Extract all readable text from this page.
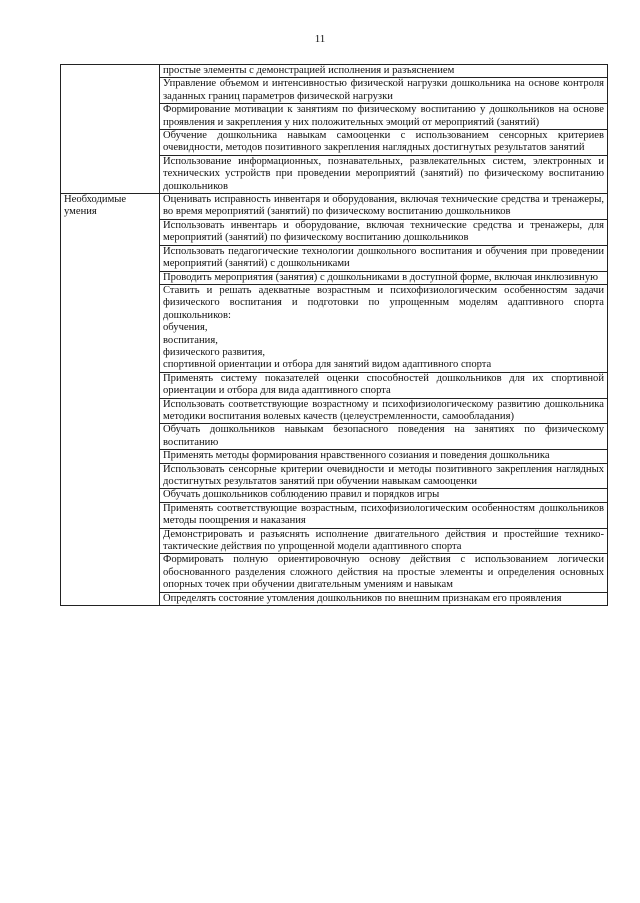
11
	простые элементы с демонстрацией исполнения и разъяснением
	Управление объемом и интенсивностью физической нагрузки дошкольника на основе контроля заданных границ параметров физической нагрузки
	Формирование мотивации к занятиям по физическому воспитанию у дошкольников на основе проявления и закрепления у них положительных эмоций от мероприятий (занятий)
	Обучение дошкольника навыкам самооценки с использованием сенсорных критериев очевидности, методов позитивного закрепления наглядных достигнутых результатов занятий
	Использование информационных, познавательных, развлекательных систем, электронных и технических устройств при проведении мероприятий (занятий) по физическому воспитанию дошкольников
Необходимые умения	Оценивать исправность инвентаря и оборудования, включая технические средства и тренажеры, во время мероприятий (занятий) по физическому воспитанию дошкольников
	Использовать инвентарь и оборудование, включая технические средства и тренажеры, для мероприятий (занятий) по физическому воспитанию дошкольников
	Использовать педагогические технологии дошкольного воспитания и обучения при проведении мероприятий (занятий) с дошкольниками
	Проводить мероприятия (занятия) с дошкольниками в доступной форме, включая инклюзивную

	Ставить и решать адекватные возрастным и психофизиологическим особенностям задачи физического воспитания и подготовки по упрощенным моделям адаптивного спорта дошкольников:
обучения,
воспитания,
физического развития,
спортивной ориентации и отбора для занятий видом адаптивного спорта

	Применять систему показателей оценки способностей дошкольников для их спортивной ориентации и отбора для вида адаптивного спорта
	Использовать соответствующие возрастному и психофизиологическому развитию дошкольника методики воспитания волевых качеств (целеустремленности, самообладания)
	Обучать дошкольников навыкам безопасного поведения на занятиях по физическому воспитанию
	Применять методы формирования нравственного созиания и поведения дошкольника
	Использовать сенсорные критерии очевидности и методы позитивного закрепления наглядных достигнутых результатов занятий при обучении навыкам самооценки
	Обучать дошкольников соблюдению правил и порядков игры
	Применять соответствующие возрастным, психофизиологическим особенностям дошкольников методы поощрения и наказания
	Демонстрировать и разъяснять исполнение двигательного действия и простейшие технико-тактические действия по упрощенной модели адаптивного спорта
	Формировать полную ориентировочную основу действия с использованием логически обоснованного разделения сложного действия на простые элементы и определения основных опорных точек при обучении двигательным умениям и навыкам
	Определять состояние утомления дошкольников по внешним признакам его проявления
